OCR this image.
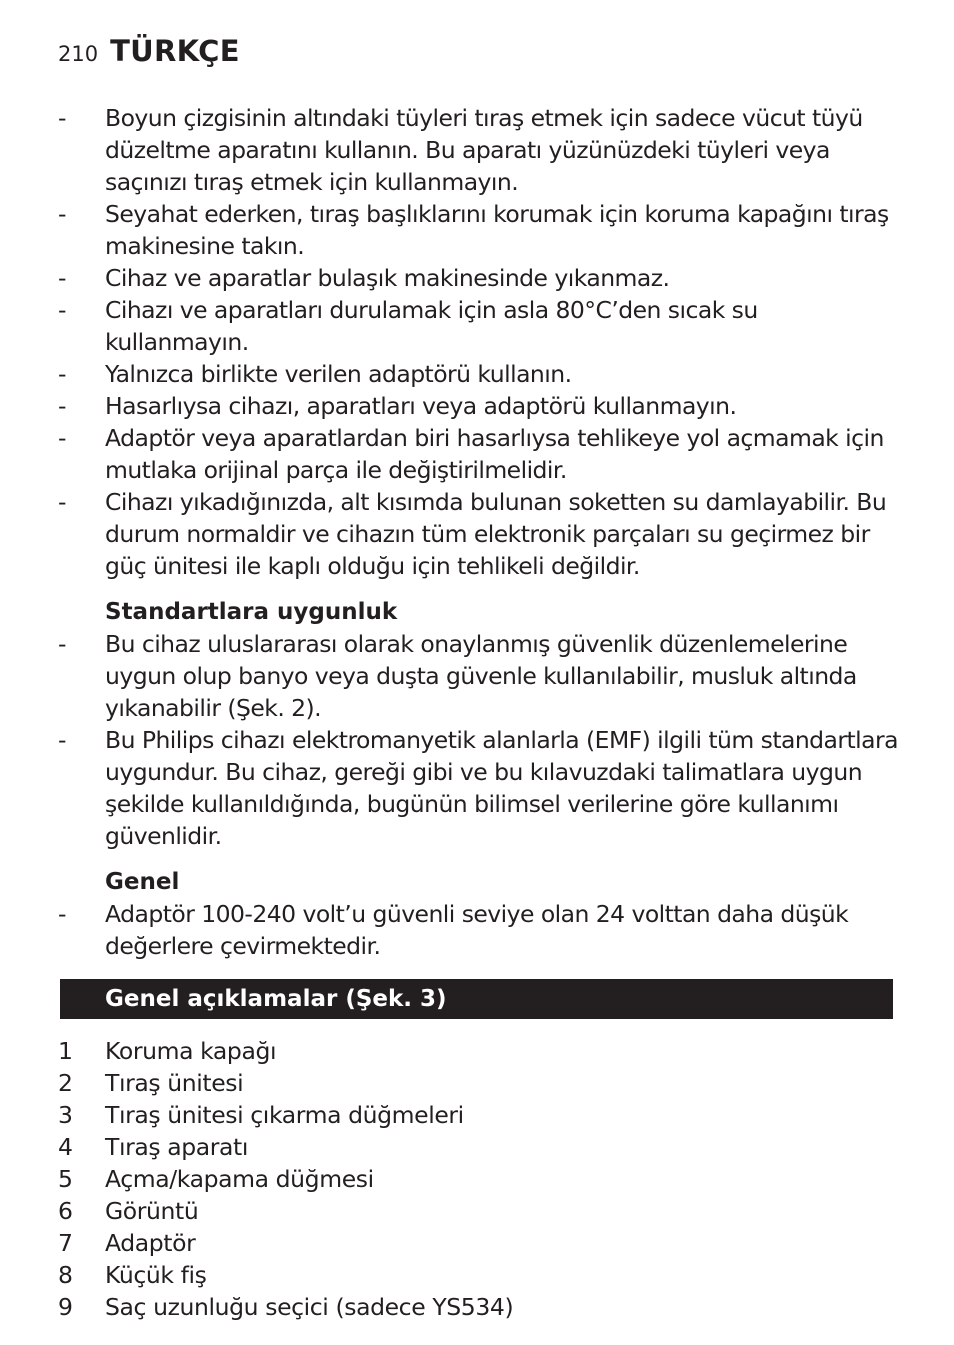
210 TÜRKÇE
- Boyun çizgisinin altındaki tüyleri tıraş etmek için sadece vücut tüyü düzeltme aparatını kullanın. Bu aparatı yüzünüzdeki tüyleri veya saçınızı tıraş etmek için kullanmayın.
- Seyahat ederken, tıraş başlıklarını korumak için koruma kapağını tıraş makinesine takın.
- Cihaz ve aparatlar bulaşık makinesinde yıkanmaz.
- Cihazı ve aparatları durulamak için asla 80°C’den sıcak su kullanmayın.
- Yalnızca birlikte verilen adaptörü kullanın.
- Hasarlıysa cihazı, aparatları veya adaptörü kullanmayın.
- Adaptör veya aparatlardan biri hasarlıysa tehlikeye yol açmamak için mutlaka orijinal parça ile değiştirilmelidir.
- Cihazı yıkadığınızda, alt kısımda bulunan soketten su damlayabilir. Bu durum normaldir ve cihazın tüm elektronik parçaları su geçirmez bir güç ünitesi ile kaplı olduğu için tehlikeli değildir.
Standartlara uygunluk
- Bu cihaz uluslararası olarak onaylanmış güvenlik düzenlemelerine uygun olup banyo veya duşta güvenle kullanılabilir, musluk altında yıkanabilir (Şek. 2).
- Bu Philips cihazı elektromanyetik alanlarla (EMF) ilgili tüm standartlara uygundur. Bu cihaz, gereği gibi ve bu kılavuzdaki talimatlara uygun şekilde kullanıldığında, bugünün bilimsel verilerine göre kullanımı güvenlidir.
Genel
- Adaptör 100-240 volt’u güvenli seviye olan 24 volttan daha düşük değerlere çevirmektedir.
Genel açıklamalar (Şek. 3)
1 Koruma kapağı
2 Tıraş ünitesi
3 Tıraş ünitesi çıkarma düğmeleri
4 Tıraş aparatı
5 Açma/kapama düğmesi
6 Görüntü
7 Adaptör
8 Küçük fiş
9 Saç uzunluğu seçici (sadece YS534)
